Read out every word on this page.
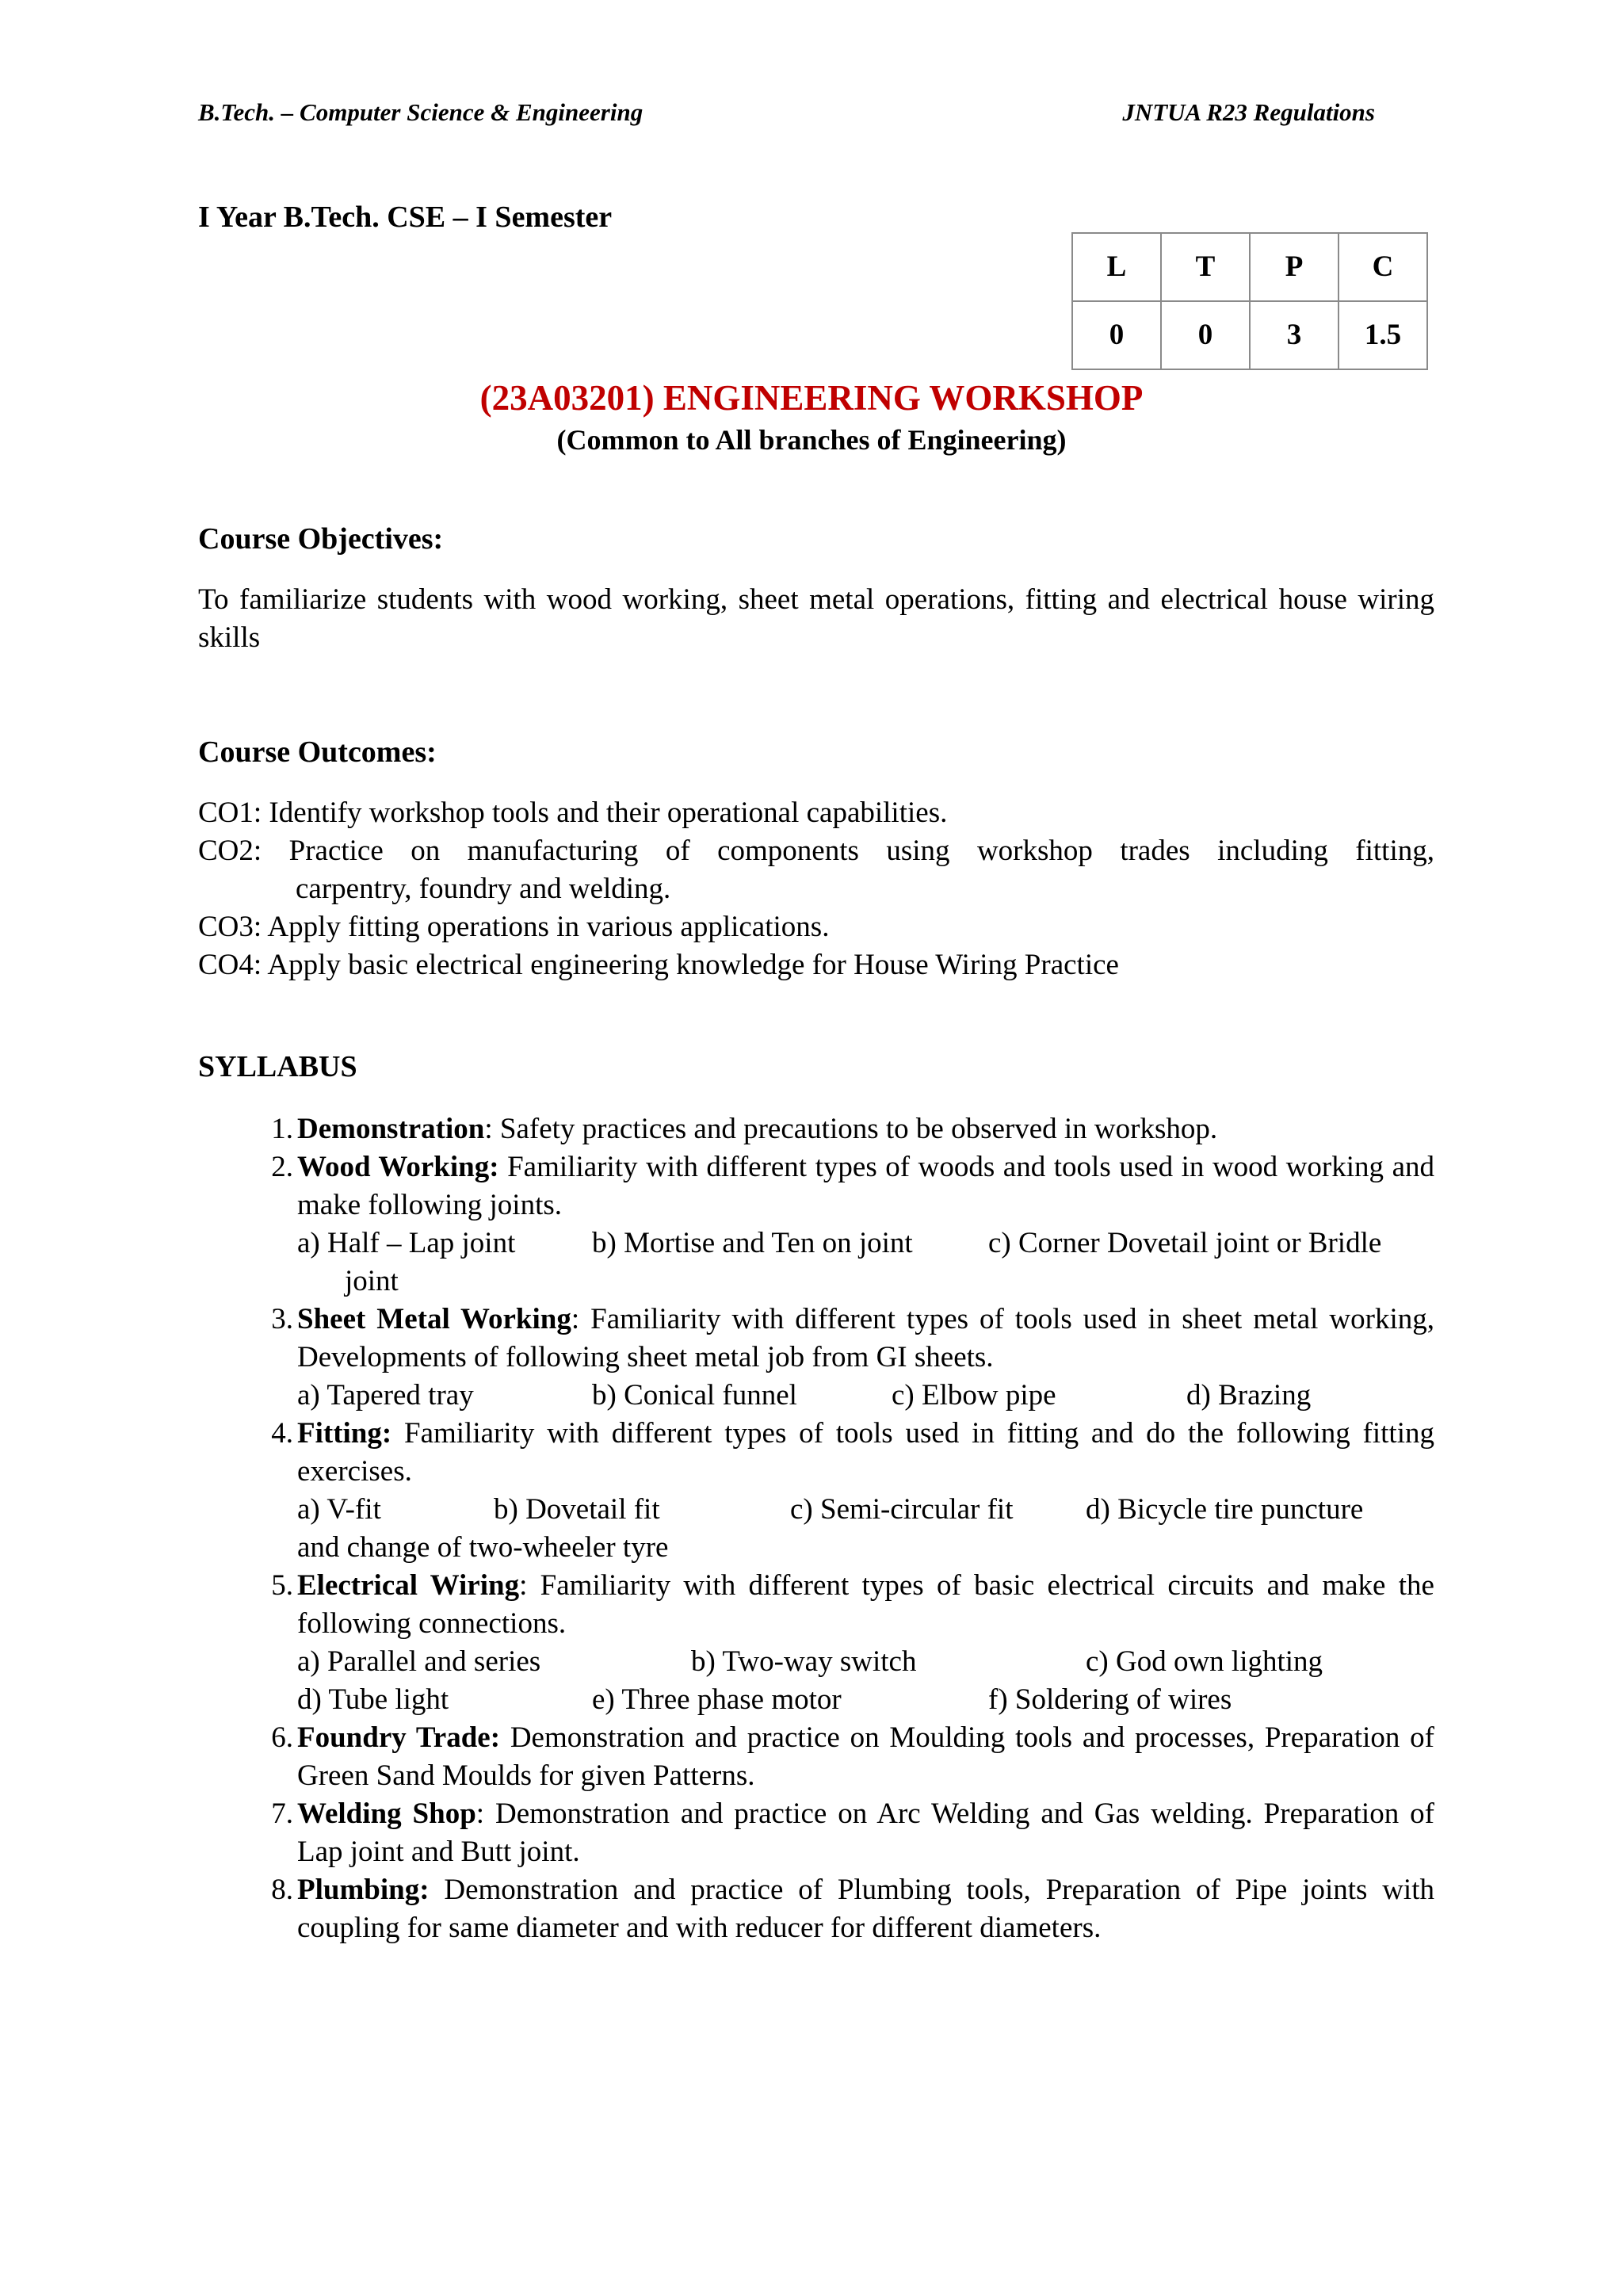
B.Tech. – Computer Science & Engineering	JNTUA R23 Regulations
I Year B.Tech. CSE – I Semester
L	T	P	C
0	0	3	1.5
(23A03201) ENGINEERING WORKSHOP
(Common to All branches of Engineering)
Course Objectives:
To familiarize students with wood working, sheet metal operations, fitting and electrical house wiring skills
Course Outcomes:
CO1: Identify workshop tools and their operational capabilities.
CO2: Practice on manufacturing of components using workshop trades including fitting,
carpentry, foundry and welding.
CO3: Apply fitting operations in various applications.
CO4: Apply basic electrical engineering knowledge for House Wiring Practice
SYLLABUS
1. Demonstration: Safety practices and precautions to be observed in workshop.
2. Wood Working: Familiarity with different types of woods and tools used in wood working and make following joints.
a) Half – Lap joint	b) Mortise and Ten on joint	c) Corner Dovetail joint or Bridle
joint
3. Sheet Metal Working: Familiarity with different types of tools used in sheet metal working, Developments of following sheet metal job from GI sheets.
a) Tapered tray	b) Conical funnel	c) Elbow pipe	d) Brazing
4. Fitting: Familiarity with different types of tools used in fitting and do the following fitting exercises.
a) V-fit	b) Dovetail fit	c) Semi-circular fit d) Bicycle tire puncture
and change of two-wheeler tyre
5. Electrical Wiring: Familiarity with different types of basic electrical circuits and make the following connections.
a) Parallel and series	b) Two-way switch	c) God own lighting
d) Tube light	e) Three phase motor	f) Soldering of wires
6. Foundry Trade: Demonstration and practice on Moulding tools and processes, Preparation of Green Sand Moulds for given Patterns.
7. Welding Shop: Demonstration and practice on Arc Welding and Gas welding. Preparation of Lap joint and Butt joint.
8. Plumbing: Demonstration and practice of Plumbing tools, Preparation of Pipe joints with coupling for same diameter and with reducer for different diameters.
